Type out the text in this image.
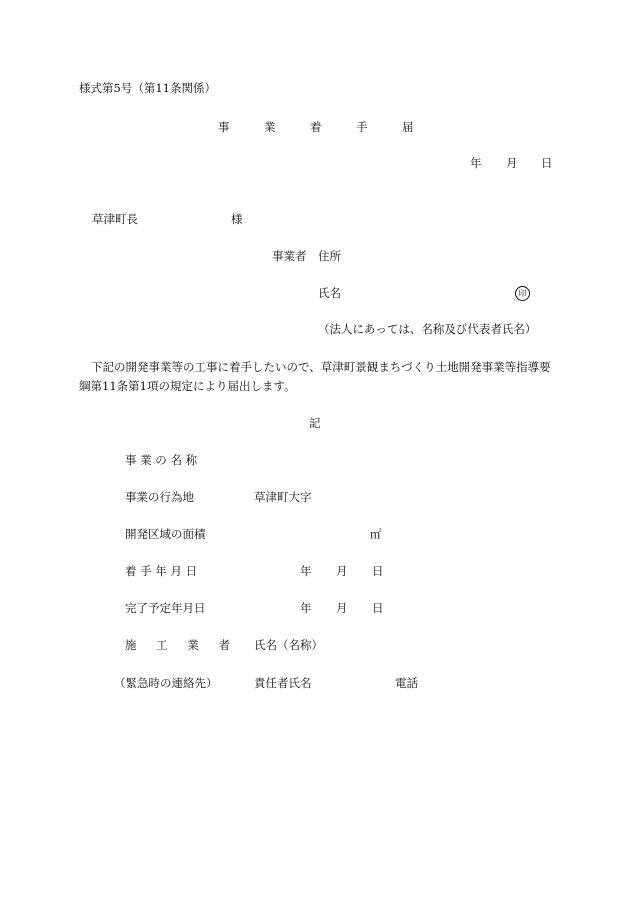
様式第5号（第11条関係）
事	業	着	手	届
年 月 日
草津町長	様
事業者 住所
氏名	印
（法人にあっては、名称及び代表者氏名）
下記の開発事業等の工事に着手したいので、草津町景観まちづくり土地開発事業等指導要綱第11条第1項の規定により届出します。
記
事 業 の 名 称
事業の行為地	草津町大字
開発区域の面積	㎡
着 手 年 月 日	年 月 日
完了予定年月日	年 月 日
施 工 業 者 氏名（名称）
（緊急時の連絡先）	責任者氏名	電話
